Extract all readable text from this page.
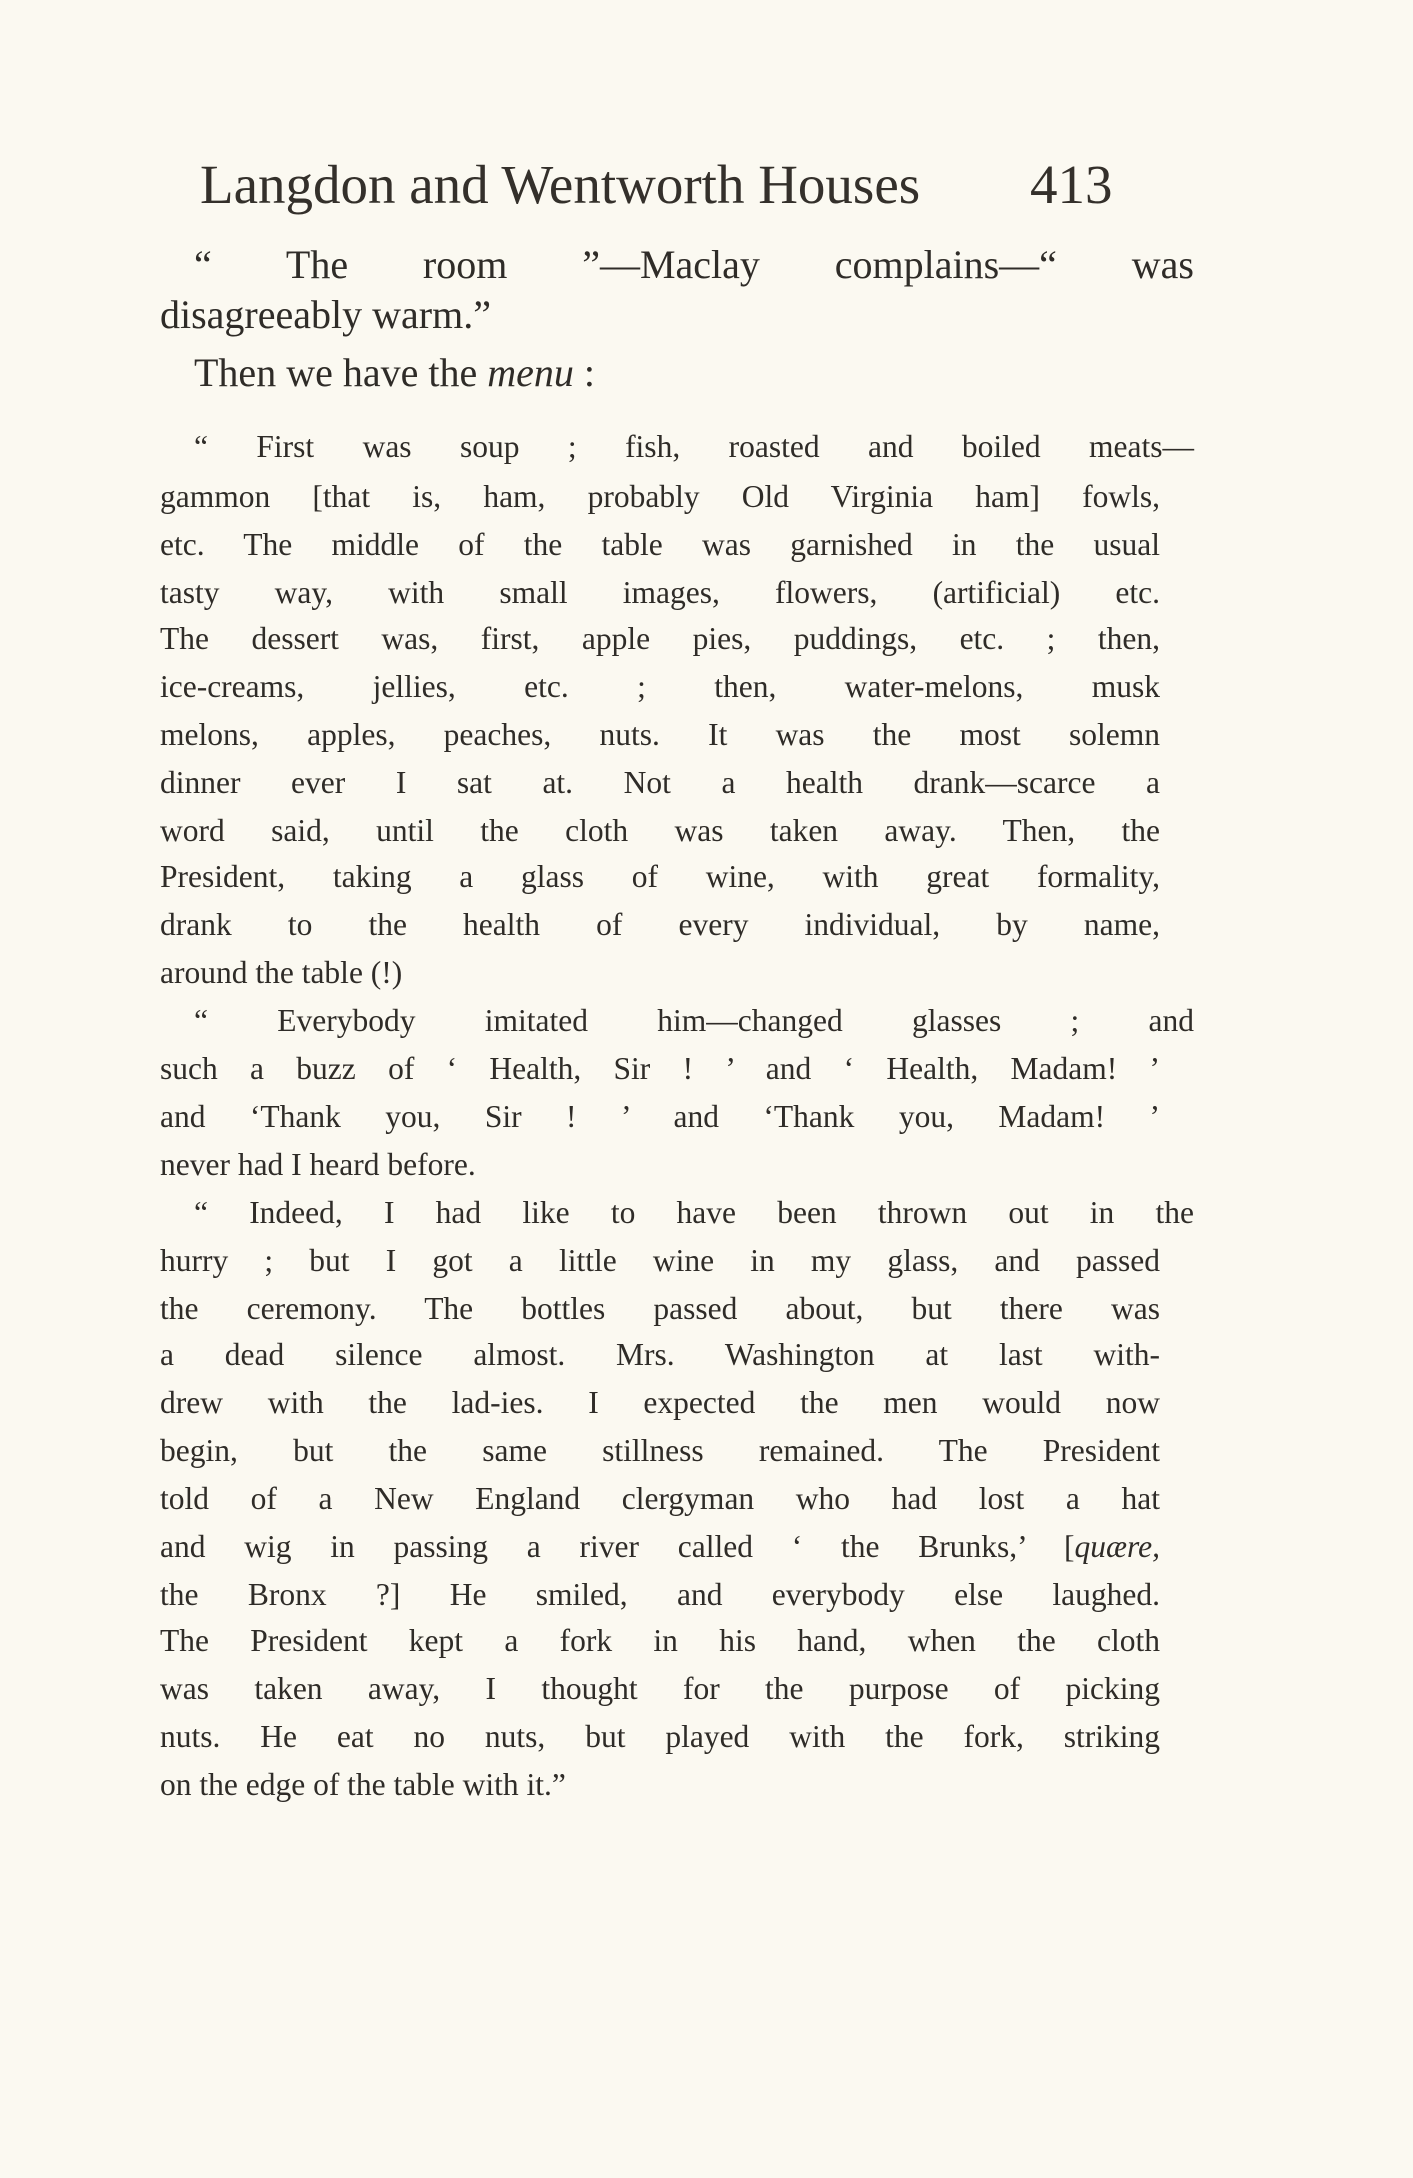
Langdon and Wentworth Houses 413
“ The room ”—Maclay complains—“ was
disagreeably warm.”
Then we have the menu :
“ First was soup ; fish, roasted and boiled meats—
gammon [that is, ham, probably Old Virginia ham] fowls,
etc. The middle of the table was garnished in the usual
tasty way, with small images, flowers, (artificial) etc.
The dessert was, first, apple pies, puddings, etc. ; then,
ice-creams, jellies, etc. ; then, water-melons, musk
melons, apples, peaches, nuts. It was the most solemn
dinner ever I sat at. Not a health drank—scarce a
word said, until the cloth was taken away. Then, the
President, taking a glass of wine, with great formality,
drank to the health of every individual, by name,
around the table (!)
“ Everybody imitated him—changed glasses ; and
such a buzz of ‘ Health, Sir ! ’ and ‘ Health, Madam! ’
and ‘Thank you, Sir ! ’ and ‘Thank you, Madam! ’
never had I heard before.
“ Indeed, I had like to have been thrown out in the
hurry ; but I got a little wine in my glass, and passed
the ceremony. The bottles passed about, but there was
a dead silence almost. Mrs. Washington at last with-
drew with the lad-ies. I expected the men would now
begin, but the same stillness remained. The President
told of a New England clergyman who had lost a hat
and wig in passing a river called ‘ the Brunks,’ [quære,
the Bronx ?] He smiled, and everybody else laughed.
The President kept a fork in his hand, when the cloth
was taken away, I thought for the purpose of picking
nuts. He eat no nuts, but played with the fork, striking
on the edge of the table with it.”
